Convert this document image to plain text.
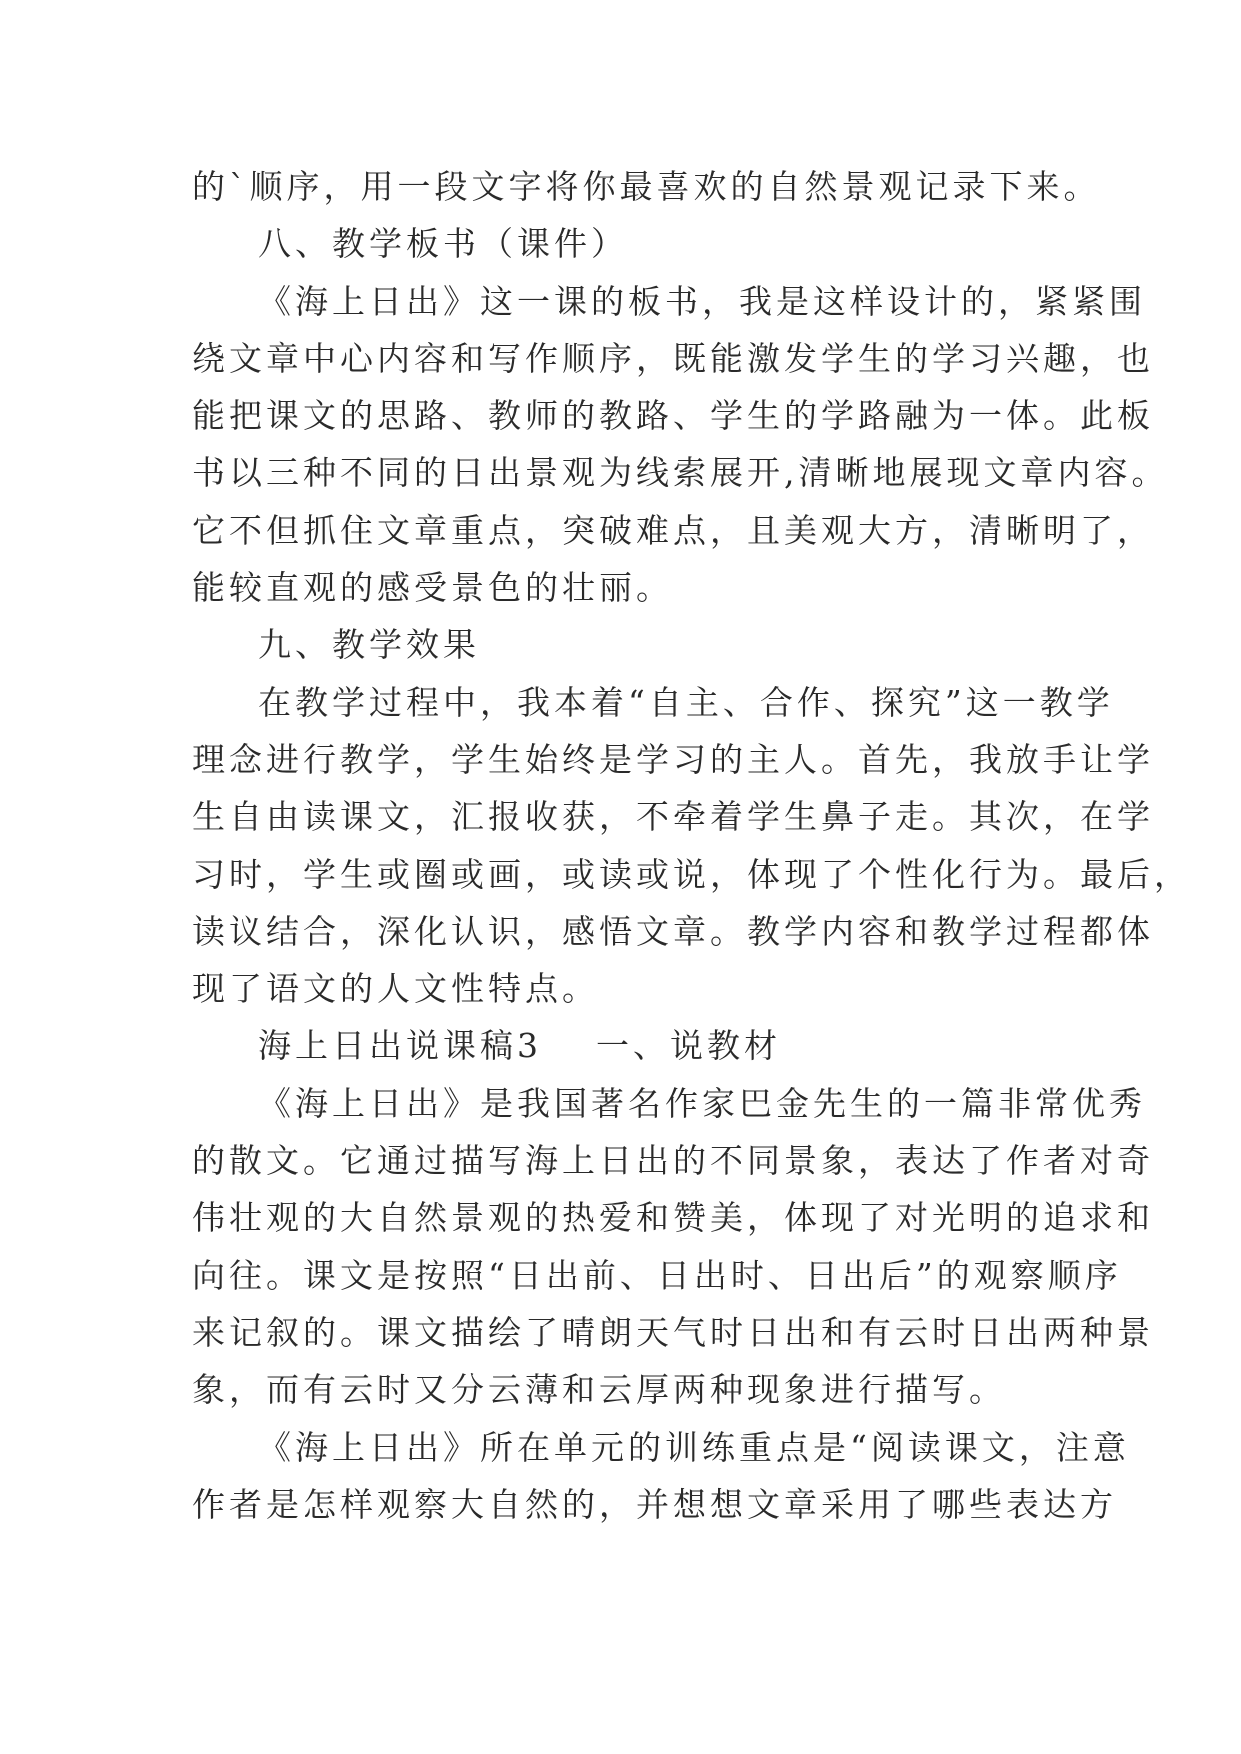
的`顺序，用一段文字将你最喜欢的自然景观记录下来。
八、教学板书（课件）
《海上日出》这一课的板书，我是这样设计的，紧紧围
绕文章中心内容和写作顺序，既能激发学生的学习兴趣，也
能把课文的思路、教师的教路、学生的学路融为一体。此板
书以三种不同的日出景观为线索展开,清晰地展现文章内容。
它不但抓住文章重点，突破难点，且美观大方，清晰明了，
能较直观的感受景色的壮丽。
九、教学效果
在教学过程中，我本着“自主、合作、探究”这一教学
理念进行教学，学生始终是学习的主人。首先，我放手让学
生自由读课文，汇报收获，不牵着学生鼻子走。其次，在学
习时，学生或圈或画，或读或说，体现了个性化行为。最后，
读议结合，深化认识，感悟文章。教学内容和教学过程都体
现了语文的人文性特点。
海上日出说课稿3 一、说教材
《海上日出》是我国著名作家巴金先生的一篇非常优秀
的散文。它通过描写海上日出的不同景象，表达了作者对奇
伟壮观的大自然景观的热爱和赞美，体现了对光明的追求和
向往。课文是按照“日出前、日出时、日出后”的观察顺序
来记叙的。课文描绘了晴朗天气时日出和有云时日出两种景
象，而有云时又分云薄和云厚两种现象进行描写。
《海上日出》所在单元的训练重点是“阅读课文，注意
作者是怎样观察大自然的，并想想文章采用了哪些表达方
